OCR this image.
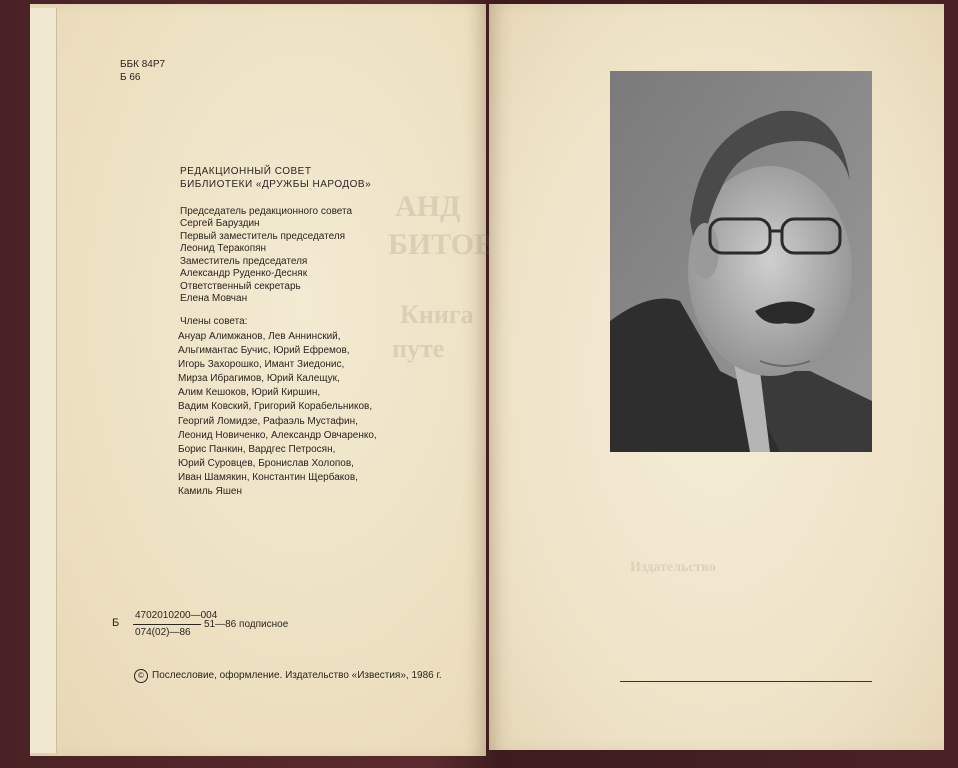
ББК 84Р7
Б 66
РЕДАКЦИОННЫЙ СОВЕТ
БИБЛИОТЕКИ «ДРУЖБЫ НАРОДОВ»
Председатель редакционного совета
Сергей Баруздин
Первый заместитель председателя
Леонид Теракопян
Заместитель председателя
Александр Руденко-Десняк
Ответственный секретарь
Елена Мовчан
Члены совета:
Ануар Алимжанов, Лев Аннинский,
Альгимантас Бучис, Юрий Ефремов,
Игорь Захорошко, Имант Зиедонис,
Мирза Ибрагимов, Юрий Калещук,
Алим Кешоков, Юрий Киршин,
Вадим Ковский, Григорий Корабельников,
Георгий Ломидзе, Рафаэль Мустафин,
Леонид Новиченко, Александр Овчаренко,
Борис Панкин, Вардгес Петросян,
Юрий Суровцев, Бронислав Холопов,
Иван Шамякин, Константин Щербаков,
Камиль Яшен
Б
4702010200—004
074(02)—86
51—86 подписное
© Послесловие, оформление. Издательство «Известия», 1986 г.
